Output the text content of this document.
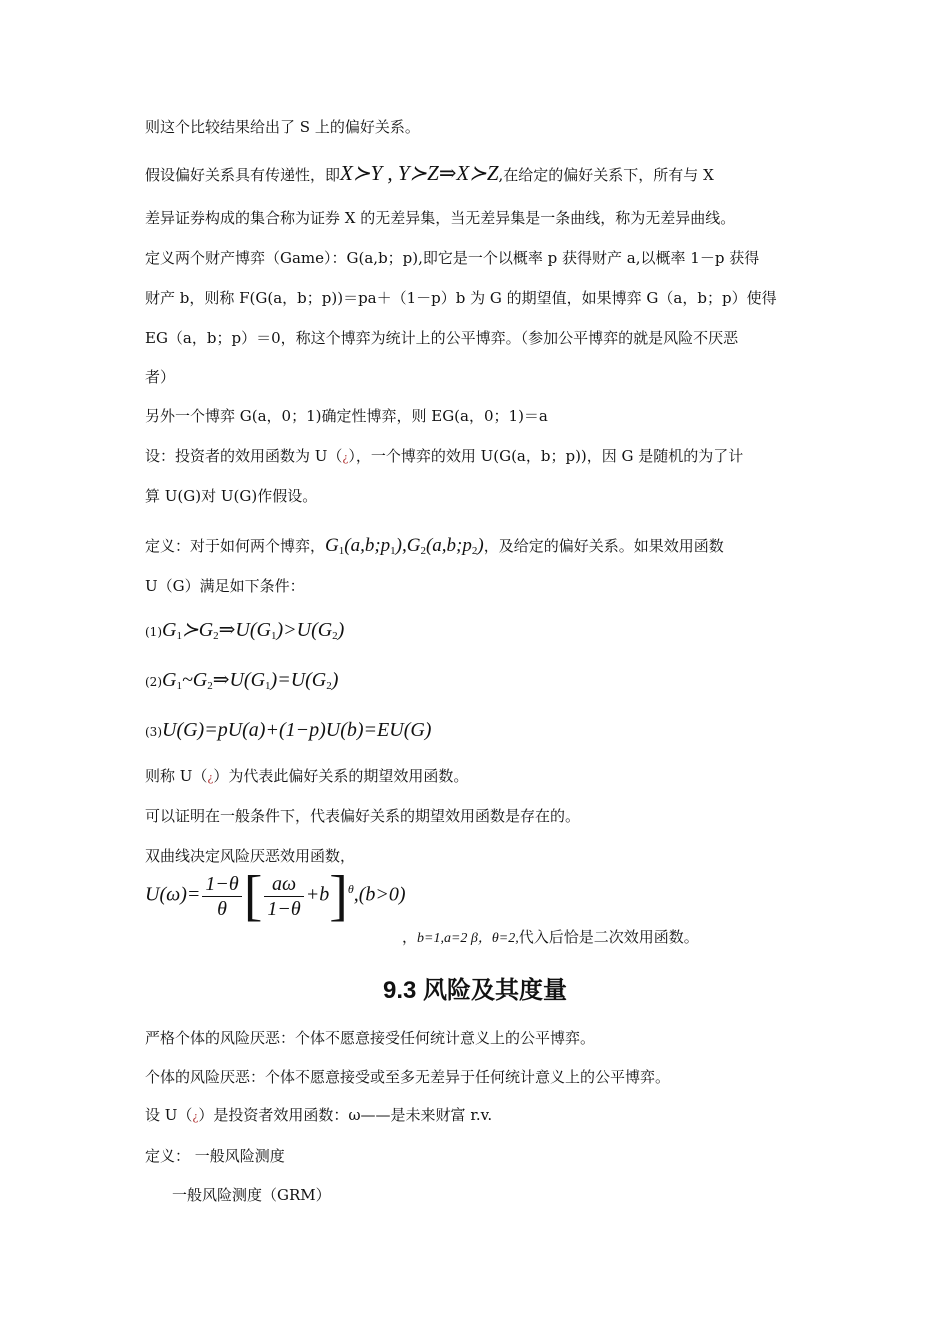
则这个比较结果给出了 S 上的偏好关系。
假设偏好关系具有传递性，即X≻Y , Y≻Z⇒X≻Z,在给定的偏好关系下，所有与 X
差异证券构成的集合称为证券 X 的无差异集，当无差异集是一条曲线，称为无差异曲线。
定义两个财产博弈（Game）：G(a,b；p),即它是一个以概率 p 获得财产 a,以概率 1－p 获得
财产 b，则称 F(G(a，b；p))＝pa＋（1－p）b 为 G 的期望值，如果博弈 G（a，b；p）使得
EG（a，b；p）＝0，称这个博弈为统计上的公平博弈。（参加公平博弈的就是风险不厌恶
者）
另外一个博弈 G(a，0；1)确定性博弈，则 EG(a，0；1)＝a
设：投资者的效用函数为 U（¿），一个博弈的效用 U(G(a，b；p))，因 G 是随机的为了计
算 U(G)对 U(G)作假设。
定义：对于如何两个博弈，$G_1(a,b;p_1),G_2(a,b;p_2)$，及给定的偏好关系。如果效用函数
U（G）满足如下条件：
$(1)G_1≻G_2\Rightarrow U(G_1)>U(G_2)$
$(2)G_1\sim G_2\Rightarrow U(G_1)=U(G_2)$
(3)U(G)=pU(a)+(1−p)U(b)=EU(G)
则称 U（¿）为代表此偏好关系的期望效用函数。
可以证明在一般条件下，代表偏好关系的期望效用函数是存在的。
双曲线决定风险厌恶效用函数，
$U(\omega)= \frac{1-\theta}{\theta}$ [ $\frac{a\omega}{1-\theta} +b]^\theta,(b>0)$
，b=1,a=2 β，θ=2,代入后恰是二次效用函数。
9.3 风险及其度量
严格个体的风险厌恶：个体不愿意接受任何统计意义上的公平博弈。
个体的风险厌恶：个体不愿意接受或至多无差异于任何统计意义上的公平博弈。
设 U（¿）是投资者效用函数：ω——是未来财富 r.v.
定义： 一般风险测度
一般风险测度（GRM）
